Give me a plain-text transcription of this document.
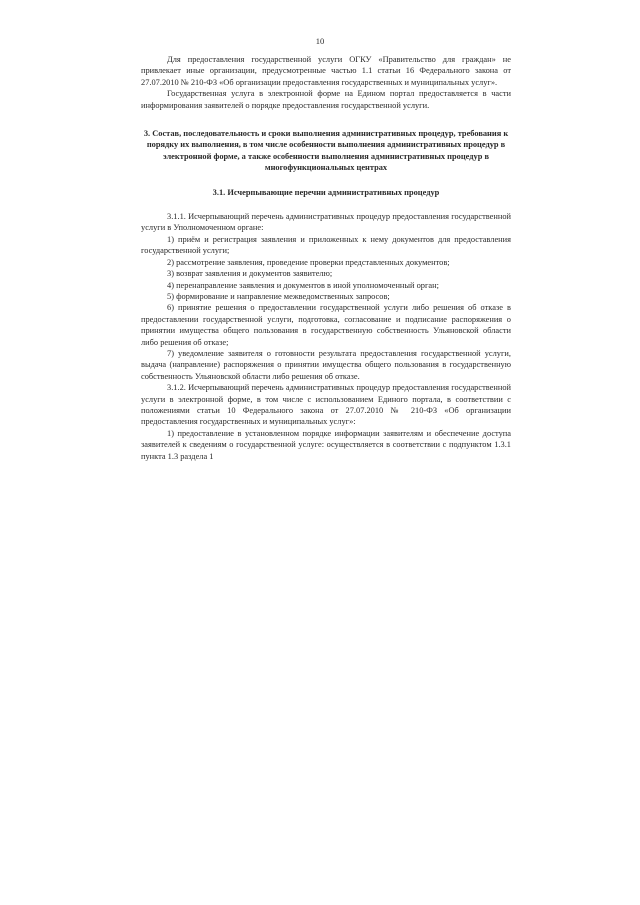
10

Для предоставления государственной услуги ОГКУ «Правительство для граждан» не привлекает иные организации, предусмотренные частью 1.1 статьи 16 Федерального закона от 27.07.2010 № 210-ФЗ «Об организации предоставления государственных и муниципальных услуг».

Государственная услуга в электронной форме на Едином портал предоставляется в части информирования заявителей о порядке предоставления государственной услуги.

3. Состав, последовательность и сроки выполнения административных процедур, требования к порядку их выполнения, в том числе особенности выполнения административных процедур в электронной форме, а также особенности выполнения административных процедур в многофункциональных центрах

3.1. Исчерпывающие перечни административных процедур

3.1.1. Исчерпывающий перечень административных процедур предоставления государственной услуги в Уполномоченном органе:

1) приём и регистрация заявления и приложенных к нему документов для предоставления государственной услуги;

2) рассмотрение заявления, проведение проверки представленных документов;

3) возврат заявления и документов заявителю;

4) перенаправление заявления и документов в иной уполномоченный орган;

5) формирование и направление межведомственных запросов;

6) принятие решения о предоставлении государственной услуги либо решения об отказе в предоставлении государственной услуги, подготовка, согласование и подписание распоряжения о принятии имущества общего пользования в государственную собственность Ульяновской области либо решения об отказе;

7) уведомление заявителя о готовности результата предоставления государственной услуги, выдача (направление) распоряжения о принятии имущества общего пользования в государственную собственность Ульяновской области либо решения об отказе.

3.1.2. Исчерпывающий перечень административных процедур предоставления государственной услуги в электронной форме, в том числе с использованием Единого портала, в соответствии с положениями статьи 10 Федерального закона от 27.07.2010 № 210-ФЗ «Об организации предоставления государственных и муниципальных услуг»:

1) предоставление в установленном порядке информации заявителям и обеспечение доступа заявителей к сведениям о государственной услуге: осуществляется в соответствии с подпунктом 1.3.1 пункта 1.3 раздела 1
